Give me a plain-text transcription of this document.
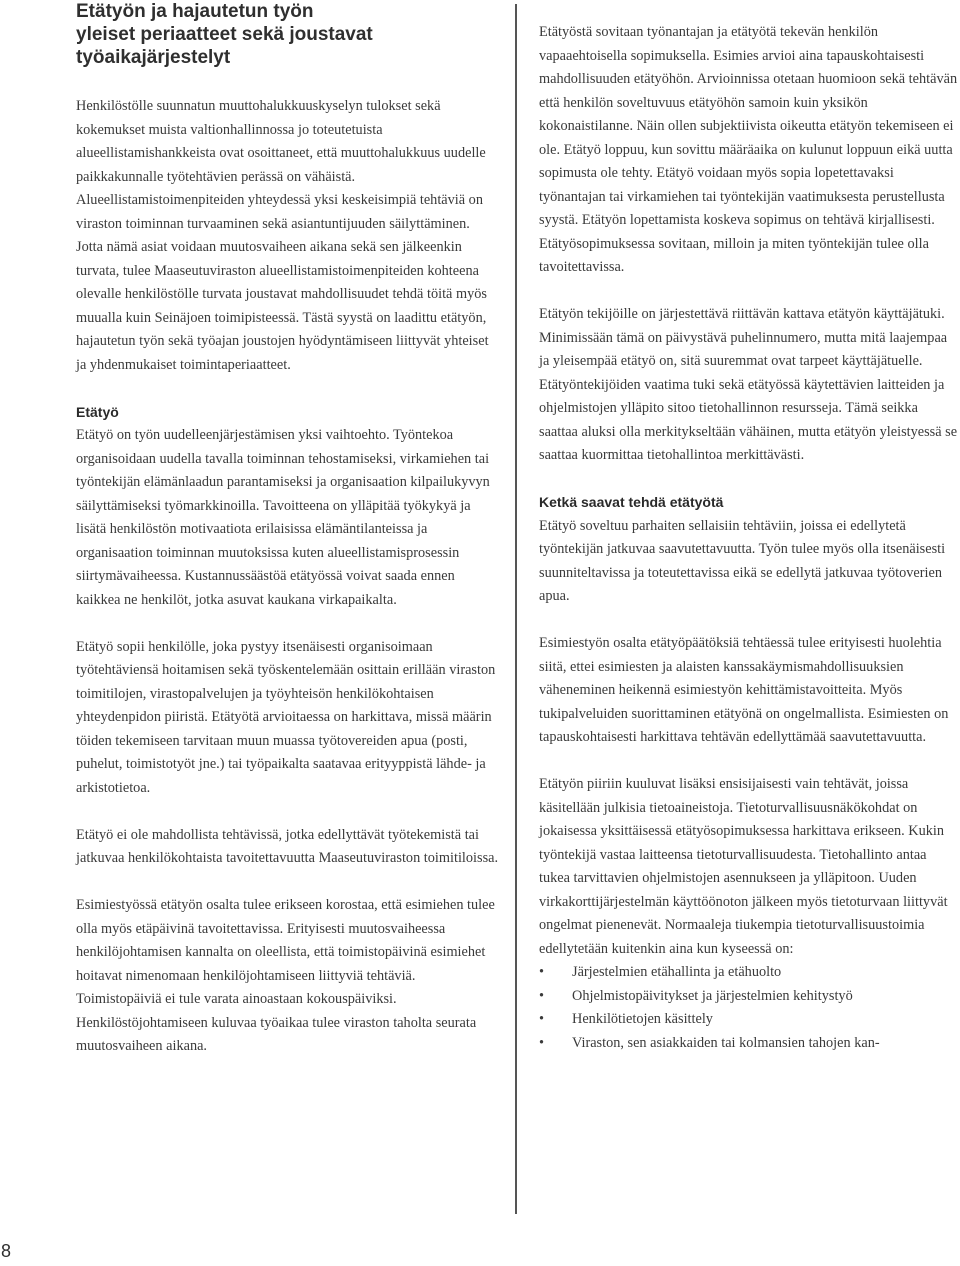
Etätyön ja hajautetun työn
yleiset periaatteet sekä joustavat
työaikajärjestelyt

Henkilöstölle suunnatun muuttohalukkuuskyselyn tulokset sekä kokemukset muista valtionhallinnossa jo toteutetuista alueellistamishankkeista ovat osoittaneet, että muuttohalukkuus uudelle paikkakunnalle työtehtävien perässä on vähäistä. Alueellistamistoimenpiteiden yhteydessä yksi keskeisimpiä tehtäviä on viraston toiminnan turvaaminen sekä asiantuntijuuden säilyttäminen. Jotta nämä asiat voidaan muutosvaiheen aikana sekä sen jälkeenkin turvata, tulee Maaseutuviraston alueellistamistoimenpiteiden kohteena olevalle henkilöstölle turvata joustavat mahdollisuudet tehdä töitä myös muualla kuin Seinäjoen toimipisteessä. Tästä syystä on laadittu etätyön, hajautetun työn sekä työajan joustojen hyödyntämiseen liittyvät yhteiset ja yhdenmukaiset toimintaperiaatteet.

Etätyö

Etätyö on työn uudelleenjärjestämisen yksi vaihtoehto. Työntekoa organisoidaan uudella tavalla toiminnan tehostamiseksi, virkamiehen tai työntekijän elämänlaadun parantamiseksi ja organisaation kilpailukyvyn säilyttämiseksi työmarkkinoilla. Tavoitteena on ylläpitää työkykyä ja lisätä henkilöstön motivaatiota erilaisissa elämäntilanteissa ja organisaation toiminnan muutoksissa kuten alueellistamisprosessin siirtymävaiheessa. Kustannussäästöä etätyössä voivat saada ennen kaikkea ne henkilöt, jotka asuvat kaukana virkapaikalta.

Etätyö sopii henkilölle, joka pystyy itsenäisesti organisoimaan työtehtäviensä hoitamisen sekä työskentelemään osittain erillään viraston toimitilojen, virastopalvelujen ja työyhteisön henkilökohtaisen yhteydenpidon piiristä. Etätyötä arvioitaessa on harkittava, missä määrin töiden tekemiseen tarvitaan muun muassa työtovereiden apua (posti, puhelut, toimistotyöt jne.) tai työpaikalta saatavaa erityyppistä lähde- ja arkistotietoa.

Etätyö ei ole mahdollista tehtävissä, jotka edellyttävät työtekemistä tai jatkuvaa henkilökohtaista tavoitettavuutta Maaseutuviraston toimitiloissa.

Esimiestyössä etätyön osalta tulee erikseen korostaa, että esimiehen tulee olla myös etäpäivinä tavoitettavissa. Erityisesti muutosvaiheessa henkilöjohtamisen kannalta on oleellista, että toimistopäivinä esimiehet hoitavat nimenomaan henkilöjohtamiseen liittyviä tehtäviä. Toimistopäiviä ei tule varata ainoastaan kokouspäiviksi. Henkilöstöjohtamiseen kuluvaa työaikaa tulee viraston taholta seurata muutosvaiheen aikana.

Etätyöstä sovitaan työnantajan ja etätyötä tekevän henkilön vapaaehtoisella sopimuksella. Esimies arvioi aina tapauskohtaisesti mahdollisuuden etätyöhön. Arvioinnissa otetaan huomioon sekä tehtävän että henkilön soveltuvuus etätyöhön samoin kuin yksikön kokonaistilanne. Näin ollen subjektiivista oikeutta etätyön tekemiseen ei ole. Etätyö loppuu, kun sovittu määräaika on kulunut loppuun eikä uutta sopimusta ole tehty. Etätyö voidaan myös sopia lopetettavaksi työnantajan tai virkamiehen tai työntekijän vaatimuksesta perustellusta syystä. Etätyön lopettamista koskeva sopimus on tehtävä kirjallisesti. Etätyösopimuksessa sovitaan, milloin ja miten työntekijän tulee olla tavoitettavissa.

Etätyön tekijöille on järjestettävä riittävän kattava etätyön käyttäjätuki. Minimissään tämä on päivystävä puhelinnumero, mutta mitä laajempaa ja yleisempää etätyö on, sitä suuremmat ovat tarpeet käyttäjätuelle. Etätyöntekijöiden vaatima tuki sekä etätyössä käytettävien laitteiden ja ohjelmistojen ylläpito sitoo tietohallinnon resursseja. Tämä seikka saattaa aluksi olla merkitykseltään vähäinen, mutta etätyön yleistyessä se saattaa kuormittaa tietohallintoa merkittävästi.

Ketkä saavat tehdä etätyötä

Etätyö soveltuu parhaiten sellaisiin tehtäviin, joissa ei edellytetä työntekijän jatkuvaa saavutettavuutta. Työn tulee myös olla itsenäisesti suunniteltavissa ja toteutettavissa eikä se edellytä jatkuvaa työtoverien apua.

Esimiestyön osalta etätyöpäätöksiä tehtäessä tulee erityisesti huolehtia siitä, ettei esimiesten ja alaisten kanssakäymismahdollisuuksien väheneminen heikennä esimiestyön kehittämistavoitteita. Myös tukipalveluiden suorittaminen etätyönä on ongelmallista. Esimiesten on tapauskohtaisesti harkittava tehtävän edellyttämää saavutettavuutta.

Etätyön piiriin kuuluvat lisäksi ensisijaisesti vain tehtävät, joissa käsitellään julkisia tietoaineistoja. Tietoturvallisuusnäkökohdat on jokaisessa yksittäisessä etätyösopimuksessa harkittava erikseen. Kukin työntekijä vastaa laitteensa tietoturvallisuudesta. Tietohallinto antaa tukea tarvittavien ohjelmistojen asennukseen ja ylläpitoon. Uuden virkakorttijärjestelmän käyttöönoton jälkeen myös tietoturvaan liittyvät ongelmat pienenevät. Normaaleja tiukempia tietoturvallisuustoimia edellytetään kuitenkin aina kun kyseessä on:

• Järjestelmien etähallinta ja etähuolto
• Ohjelmistopäivitykset ja järjestelmien kehitystyö
• Henkilötietojen käsittely
• Viraston, sen asiakkaiden tai kolmansien tahojen kan-
8
